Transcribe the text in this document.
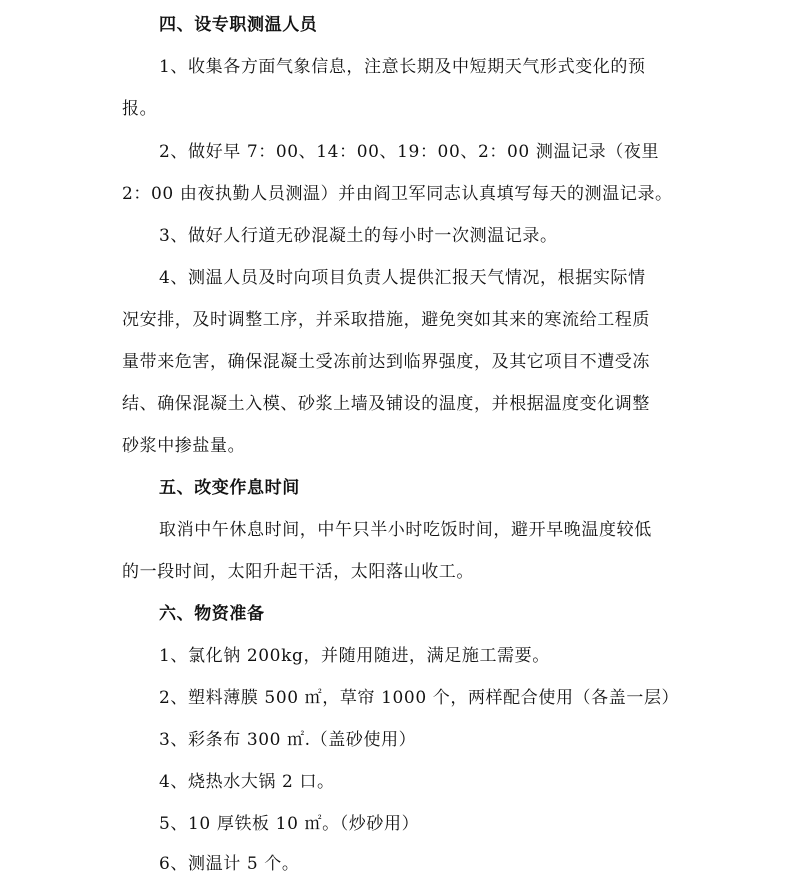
四、设专职测温人员
1、收集各方面气象信息，注意长期及中短期天气形式变化的预
报。
2、做好早 7：00、14：00、19：00、2：00 测温记录（夜里
2：00 由夜执勤人员测温）并由阎卫军同志认真填写每天的测温记录。
3、做好人行道无砂混凝土的每小时一次测温记录。
4、测温人员及时向项目负责人提供汇报天气情况，根据实际情
况安排，及时调整工序，并采取措施，避免突如其来的寒流给工程质
量带来危害，确保混凝土受冻前达到临界强度，及其它项目不遭受冻
结、确保混凝土入模、砂浆上墙及铺设的温度，并根据温度变化调整
砂浆中掺盐量。
五、改变作息时间
取消中午休息时间，中午只半小时吃饭时间，避开早晚温度较低
的一段时间，太阳升起干活，太阳落山收工。
六、物资准备
1、氯化钠 200kg，并随用随进，满足施工需要。
2、塑料薄膜 500 ㎡，草帘 1000 个，两样配合使用（各盖一层）
3、彩条布 300 ㎡.（盖砂使用）
4、烧热水大锅 2 口。
5、10 厚铁板 10 ㎡。（炒砂用）
6、测温计 5 个。
